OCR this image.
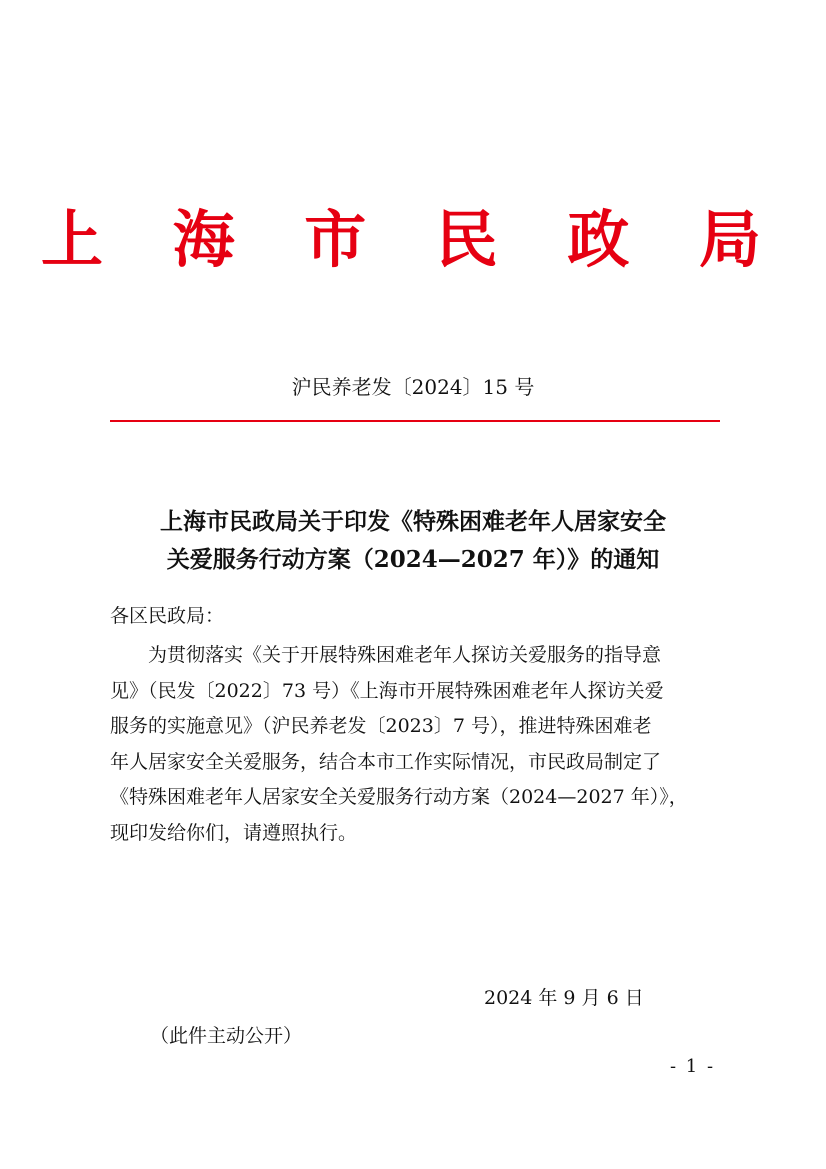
上 海 市 民 政 局
沪民养老发〔2024〕15 号
上海市民政局关于印发《特殊困难老年人居家安全
关爱服务行动方案（2024—2027 年）》的通知
各区民政局：
为贯彻落实《关于开展特殊困难老年人探访关爱服务的指导意
见》（民发〔2022〕73 号）《上海市开展特殊困难老年人探访关爱
服务的实施意见》（沪民养老发〔2023〕7 号），推进特殊困难老
年人居家安全关爱服务，结合本市工作实际情况，市民政局制定了
《特殊困难老年人居家安全关爱服务行动方案（2024—2027 年）》，
现印发给你们，请遵照执行。
2024 年 9 月 6 日
（此件主动公开）
- 1 -
